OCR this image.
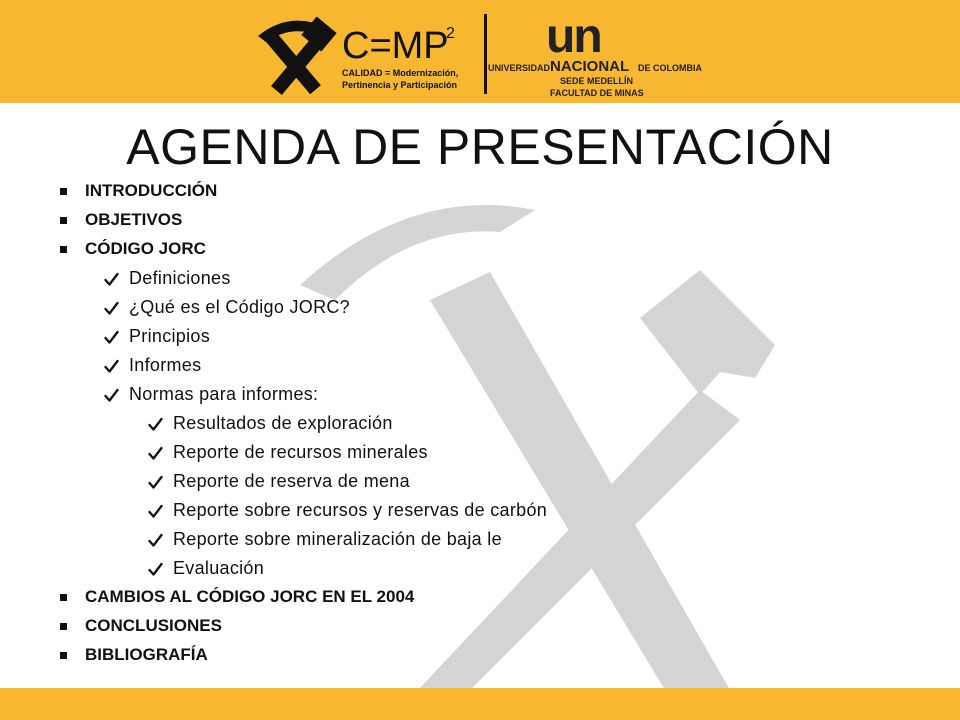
C=MP
2
CALIDAD = Modernización,
Pertinencia y Participación
un
UNIVERSIDAD NACIONAL DE COLOMBIA
SEDE MEDELLÍN
FACULTAD DE MINAS
AGENDA DE PRESENTACIÓN
INTRODUCCIÓN
OBJETIVOS
CÓDIGO JORC
Definiciones
¿Qué es el Código JORC?
Principios
Informes
Normas para informes:
Resultados de exploración
Reporte de recursos minerales
Reporte de reserva de mena
Reporte sobre recursos y reservas de carbón
Reporte sobre mineralización de baja le
Evaluación
CAMBIOS AL CÓDIGO JORC EN EL 2004
CONCLUSIONES
BIBLIOGRAFÍA
